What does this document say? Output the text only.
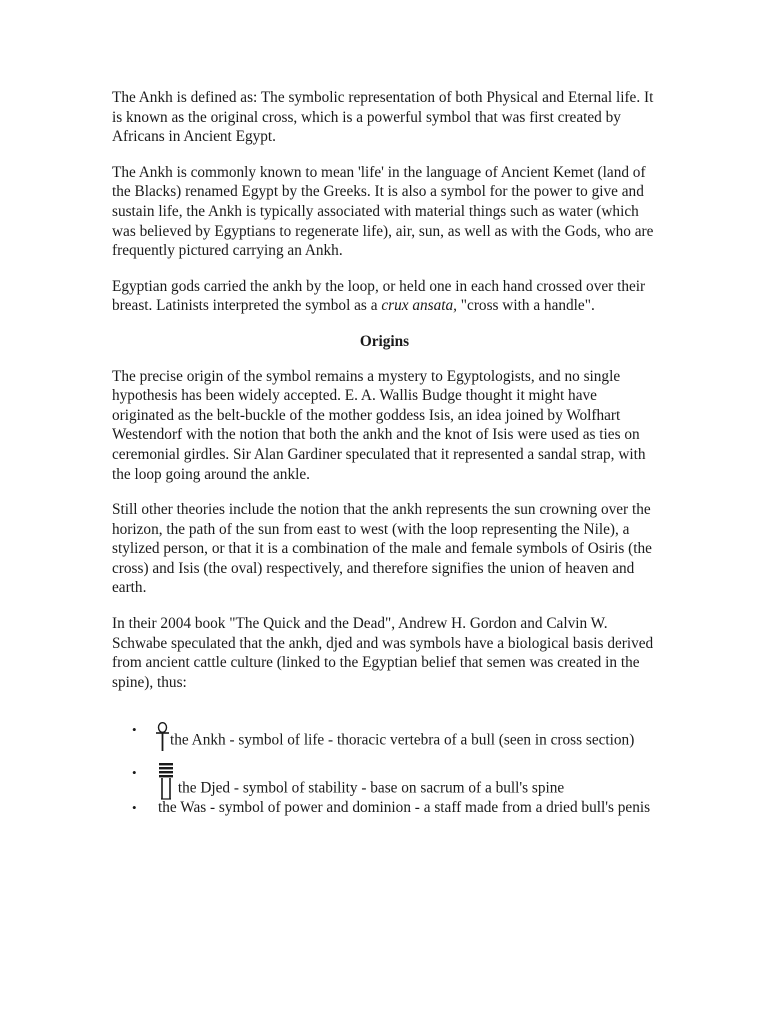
The Ankh is defined as: The symbolic representation of both Physical and Eternal life. It is known as the original cross, which is a powerful symbol that was first created by Africans in Ancient Egypt.

The Ankh is commonly known to mean 'life' in the language of Ancient Kemet (land of the Blacks) renamed Egypt by the Greeks. It is also a symbol for the power to give and sustain life, the Ankh is typically associated with material things such as water (which was believed by Egyptians to regenerate life), air, sun, as well as with the Gods, who are frequently pictured carrying an Ankh.

Egyptian gods carried the ankh by the loop, or held one in each hand crossed over their breast. Latinists interpreted the symbol as a crux ansata, "cross with a handle".

Origins

The precise origin of the symbol remains a mystery to Egyptologists, and no single hypothesis has been widely accepted. E. A. Wallis Budge thought it might have originated as the belt-buckle of the mother goddess Isis, an idea joined by Wolfhart Westendorf with the notion that both the ankh and the knot of Isis were used as ties on ceremonial girdles. Sir Alan Gardiner speculated that it represented a sandal strap, with the loop going around the ankle.

Still other theories include the notion that the ankh represents the sun crowning over the horizon, the path of the sun from east to west (with the loop representing the Nile), a stylized person, or that it is a combination of the male and female symbols of Osiris (the cross) and Isis (the oval) respectively, and therefore signifies the union of heaven and earth.

In their 2004 book "The Quick and the Dead", Andrew H. Gordon and Calvin W. Schwabe speculated that the ankh, djed and was symbols have a biological basis derived from ancient cattle culture (linked to the Egyptian belief that semen was created in the spine), thus:

•
the Ankh - symbol of life - thoracic vertebra of a bull (seen in cross section)
•
the Djed - symbol of stability - base on sacrum of a bull's spine
• the Was - symbol of power and dominion - a staff made from a dried bull's penis
